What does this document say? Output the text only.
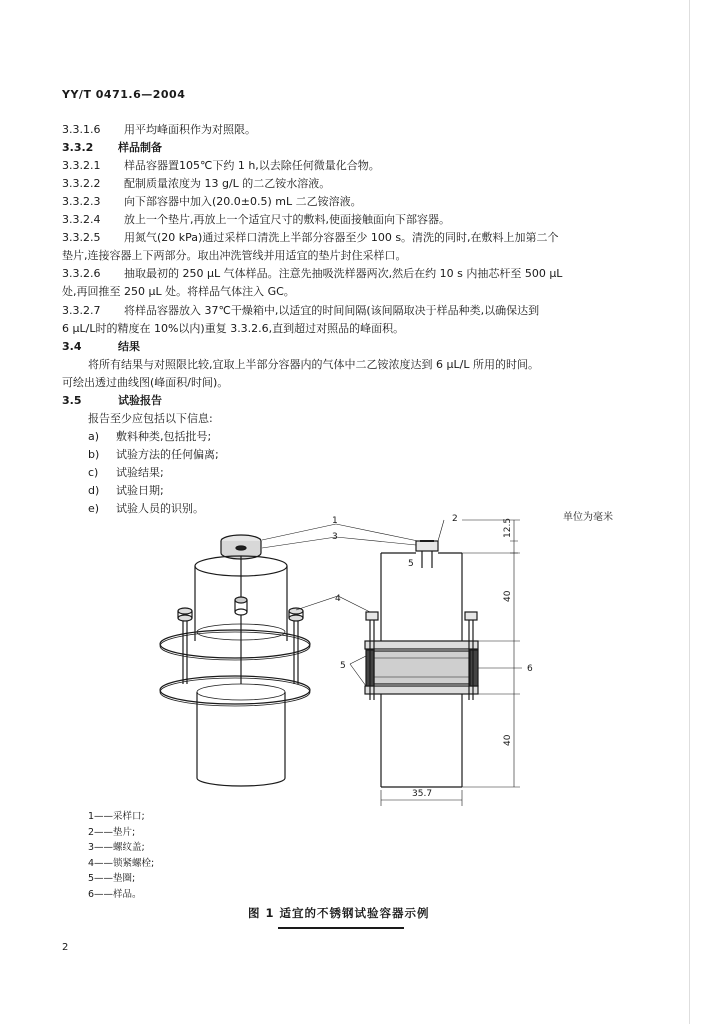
YY/T 0471.6—2004
3.3.1.6 用平均峰面积作为对照限。
3.3.2 样品制备
3.3.2.1 样品容器置105℃下约 1 h,以去除任何微量化合物。
3.3.2.2 配制质量浓度为 13 g/L 的二乙铵水溶液。
3.3.2.3 向下部容器中加入(20.0±0.5) mL 二乙铵溶液。
3.3.2.4 放上一个垫片,再放上一个适宜尺寸的敷料,使面接触面向下部容器。
3.3.2.5 用氮气(20 kPa)通过采样口清洗上半部分容器至少 100 s。清洗的同时,在敷料上加第二个
垫片,连接容器上下两部分。取出冲洗管线并用适宜的垫片封住采样口。
3.3.2.6 抽取最初的 250 μL 气体样品。注意先抽吸洗样器两次,然后在约 10 s 内抽芯杆至 500 μL
处,再回推至 250 μL 处。将样品气体注入 GC。
3.3.2.7 将样品容器放入 37℃干燥箱中,以适宜的时间间隔(该间隔取决于样品种类,以确保达到
6 μL/L时的精度在 10%以内)重复 3.3.2.6,直到超过对照品的峰面积。
3.4	结果
将所有结果与对照限比较,宜取上半部分容器内的气体中二乙铵浓度达到 6 μL/L 所用的时间。
可绘出透过曲线图(峰面积/时间)。
3.5	试验报告
报告至少应包括以下信息:
a) 敷料种类,包括批号;
b) 试验方法的任何偏离;
c) 试验结果;
d) 试验日期;
e) 试验人员的识别。
单位为毫米
1	2
3
4
5	6
5
12.5
40
40
35.7
1——采样口;
2——垫片;
3——螺纹盖;
4——锁紧螺栓;
5——垫圈;
6——样品。
图 1 适宜的不锈钢试验容器示例
2
